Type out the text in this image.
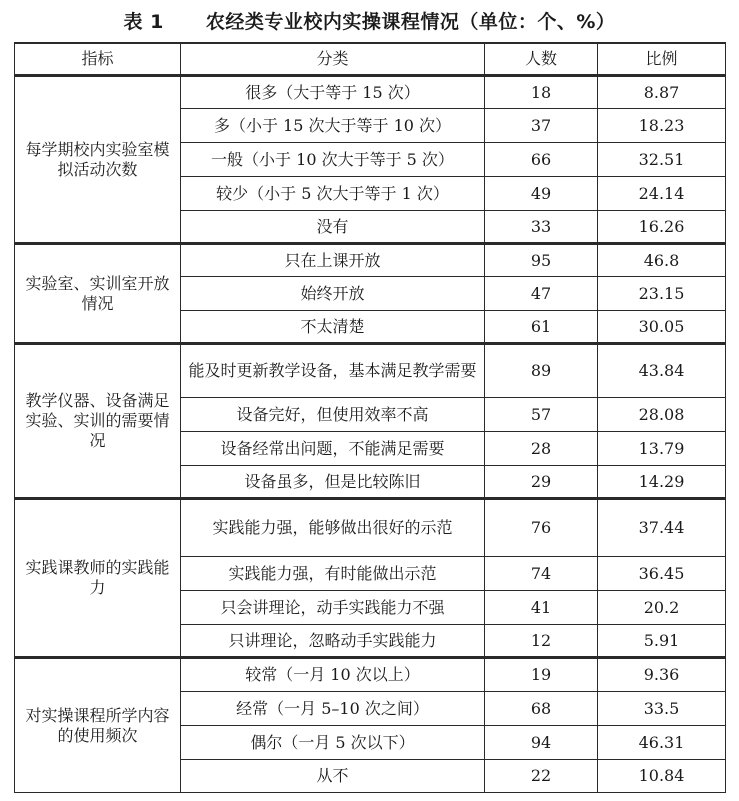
表 1 农经类专业校内实操课程情况（单位：个、%）
指标	分类	人数	比例
每学期校内实验室模拟活动次数	很多（大于等于 15 次）	18	8.87
	多（小于 15 次大于等于 10 次）	37	18.23
	一般（小于 10 次大于等于 5 次）	66	32.51
	较少（小于 5 次大于等于 1 次）	49	24.14
	没有	33	16.26
实验室、实训室开放情况	只在上课开放	95	46.8
	始终开放	47	23.15
	不太清楚	61	30.05
教学仪器、设备满足实验、实训的需要情况	能及时更新教学设备，基本满足教学需要	89	43.84
	设备完好，但使用效率不高	57	28.08
	设备经常出问题，不能满足需要	28	13.79
	设备虽多，但是比较陈旧	29	14.29
实践课教师的实践能力	实践能力强，能够做出很好的示范	76	37.44
	实践能力强，有时能做出示范	74	36.45
	只会讲理论，动手实践能力不强	41	20.2
	只讲理论，忽略动手实践能力	12	5.91
对实操课程所学内容的使用频次	较常（一月 10 次以上）	19	9.36
	经常（一月 5–10 次之间）	68	33.5
	偶尔（一月 5 次以下）	94	46.31
	从不	22	10.84
